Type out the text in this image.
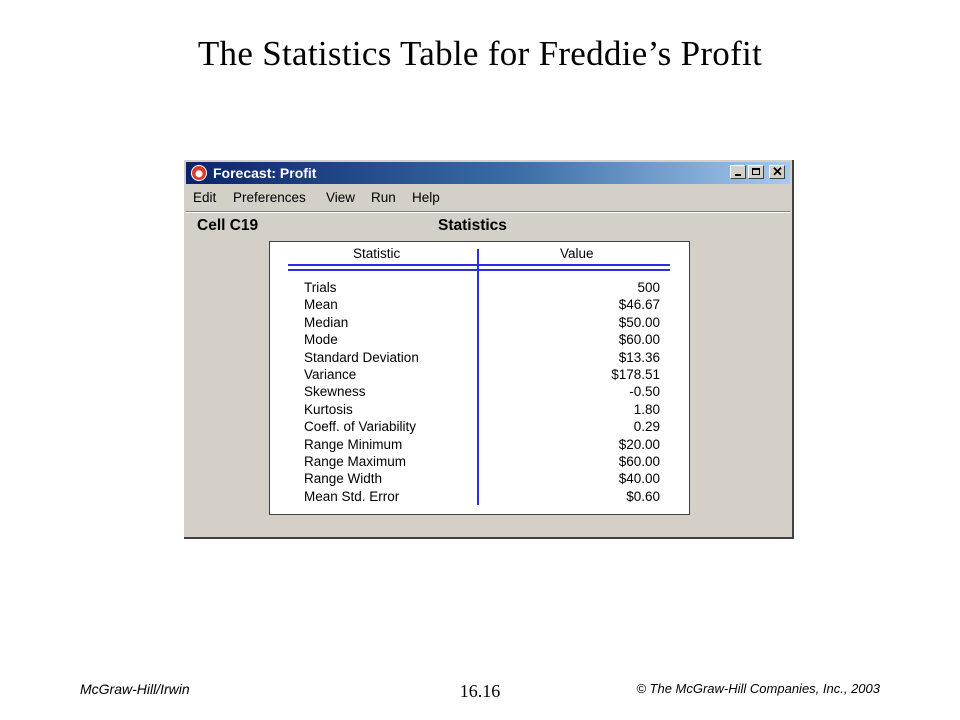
The Statistics Table for Freddie’s Profit
Forecast: Profit	✕
Edit Preferences View Run Help
Cell C19	Statistics
Statistic	Value
Trials	500
Mean	$46.67
Median	$50.00
Mode	$60.00
Standard Deviation	$13.36
Variance	$178.51
Skewness	-0.50
Kurtosis	1.80
Coeff. of Variability	0.29
Range Minimum	$20.00
Range Maximum	$60.00
Range Width	$40.00
Mean Std. Error	$0.60
McGraw-Hill/Irwin	16.16	© The McGraw-Hill Companies, Inc., 2003
